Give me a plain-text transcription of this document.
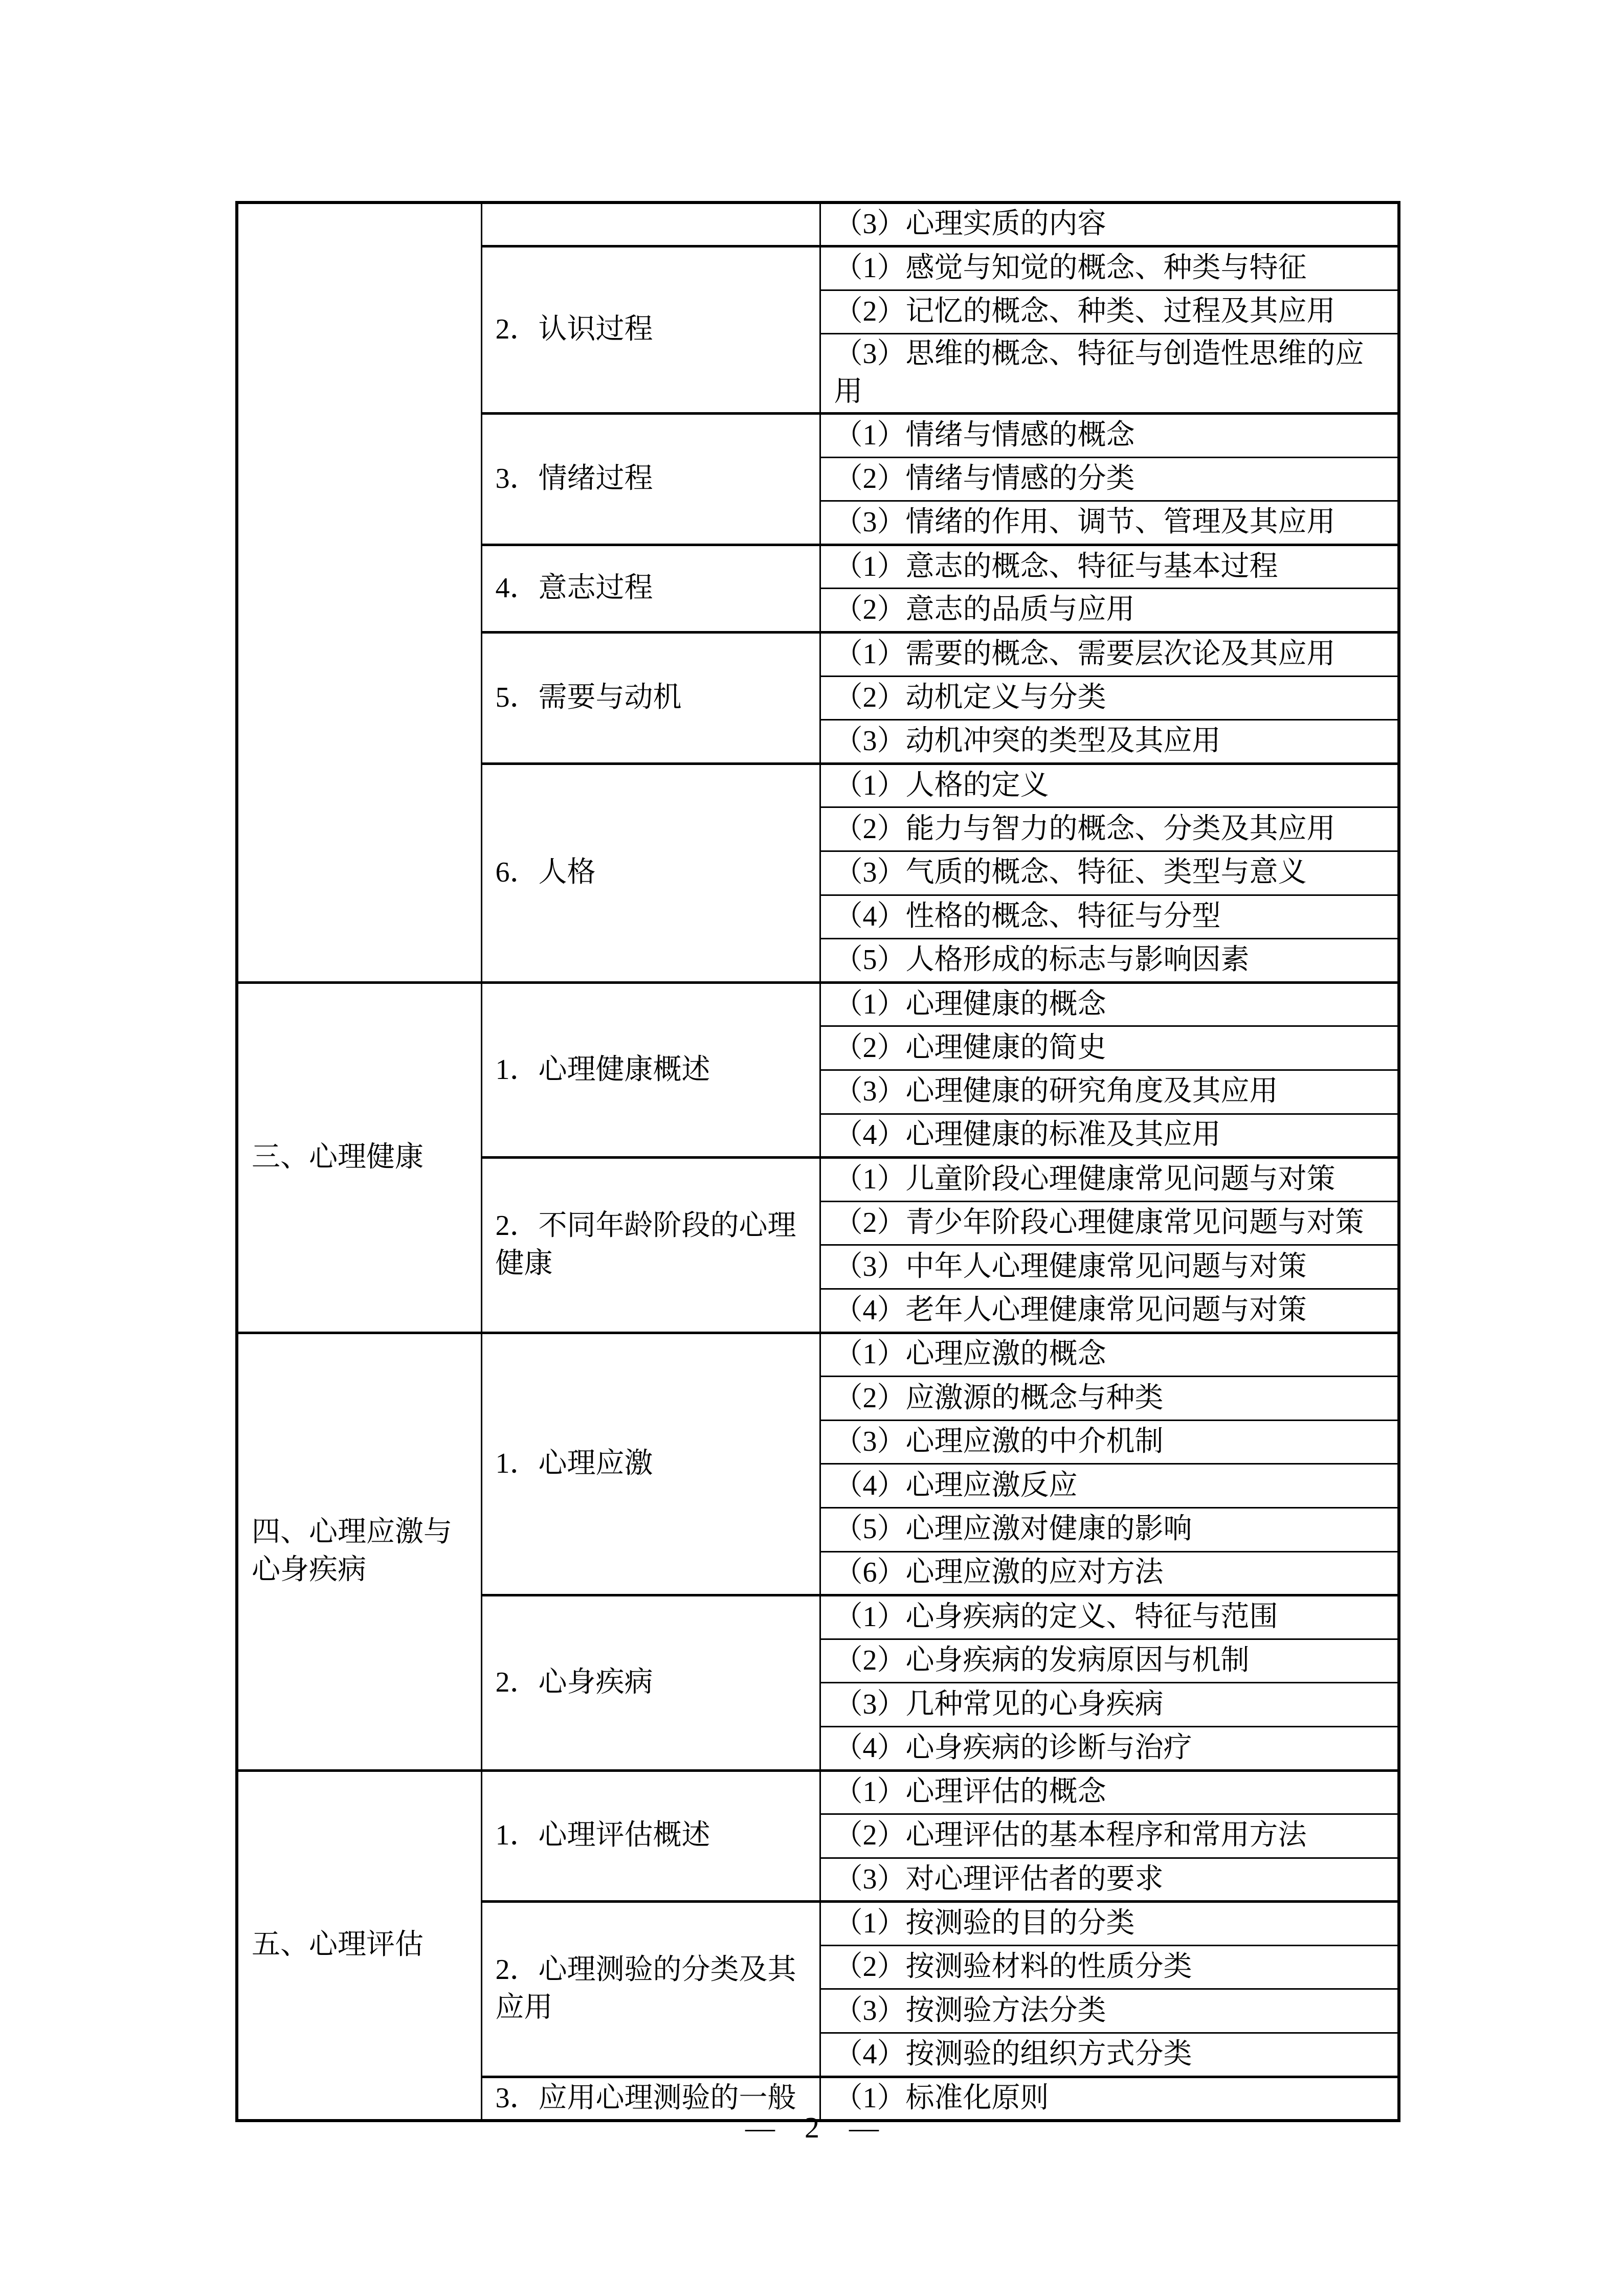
		（3）心理实质的内容
	2．认识过程	（1）感觉与知觉的概念、种类与特征
		（2）记忆的概念、种类、过程及其应用
		（3）思维的概念、特征与创造性思维的应用
	3．情绪过程	（1）情绪与情感的概念
		（2）情绪与情感的分类
		（3）情绪的作用、调节、管理及其应用
	4．意志过程	（1）意志的概念、特征与基本过程
		（2）意志的品质与应用
	5．需要与动机	（1）需要的概念、需要层次论及其应用
		（2）动机定义与分类
		（3）动机冲突的类型及其应用
	6．人格	（1）人格的定义
		（2）能力与智力的概念、分类及其应用
		（3）气质的概念、特征、类型与意义
		（4）性格的概念、特征与分型
		（5）人格形成的标志与影响因素
三、心理健康	1．心理健康概述	（1）心理健康的概念
		（2）心理健康的简史
		（3）心理健康的研究角度及其应用
		（4）心理健康的标准及其应用
	2．不同年龄阶段的心理健康	（1）儿童阶段心理健康常见问题与对策
		（2）青少年阶段心理健康常见问题与对策
		（3）中年人心理健康常见问题与对策
		（4）老年人心理健康常见问题与对策
四、心理应激与心身疾病	1．心理应激	（1）心理应激的概念
		（2）应激源的概念与种类
		（3）心理应激的中介机制
		（4）心理应激反应
		（5）心理应激对健康的影响
		（6）心理应激的应对方法
	2．心身疾病	（1）心身疾病的定义、特征与范围
		（2）心身疾病的发病原因与机制
		（3）几种常见的心身疾病
		（4）心身疾病的诊断与治疗
五、心理评估	1．心理评估概述	（1）心理评估的概念
		（2）心理评估的基本程序和常用方法
		（3）对心理评估者的要求
	2．心理测验的分类及其应用	（1）按测验的目的分类
		（2）按测验材料的性质分类
		（3）按测验方法分类
		（4）按测验的组织方式分类
	3．应用心理测验的一般	（1）标准化原则
—　2　—
